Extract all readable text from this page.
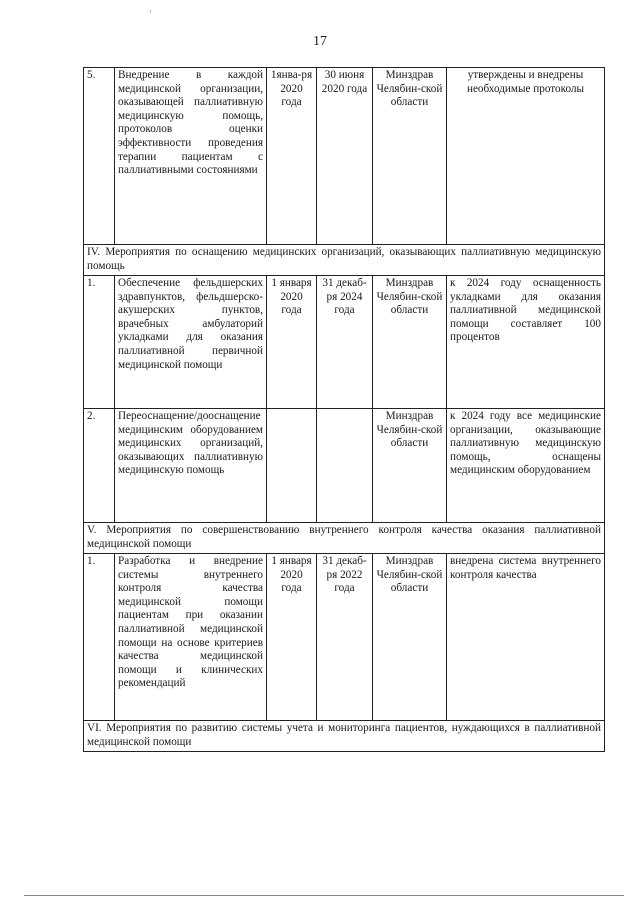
17
5.	Внедрение в каждой медицинской организации, оказывающей паллиативную медицинскую помощь, протоколов оценки эффективности проведения терапии пациентам с паллиативными состояниями	1янва-ря 2020 года	30 июня 2020 года	Минздрав Челябин-ской области	утверждены и внедрены необходимые протоколы
IV. Мероприятия по оснащению медицинских организаций, оказывающих паллиативную медицинскую помощь					
1.	Обеспечение фельдшерских здравпунктов, фельдшерско-акушерских пунктов, врачебных амбулаторий укладками для оказания паллиативной первичной медицинской помощи	1 января 2020 года	31 декаб-ря 2024 года	Минздрав Челябин-ской области	к 2024 году оснащенность укладками для оказания паллиативной медицинской помощи составляет 100 процентов
2.	Переоснащение/дооснащение медицинским оборудованием медицинских организаций, оказывающих паллиативную медицинскую помощь			Минздрав Челябин-ской области	к 2024 году все медицинские организации, оказывающие паллиативную медицинскую помощь, оснащены медицинским оборудованием
V. Мероприятия по совершенствованию внутреннего контроля качества оказания паллиативной медицинской помощи					
1.	Разработка и внедрение системы внутреннего контроля качества медицинской помощи пациентам при оказании паллиативной медицинской помощи на основе критериев качества медицинской помощи и клинических рекомендаций	1 января 2020 года	31 декаб-ря 2022 года	Минздрав Челябин-ской области	внедрена система внутреннего контроля качества
VI. Мероприятия по развитию системы учета и мониторинга пациентов, нуждающихся в паллиативной медицинской помощи					
